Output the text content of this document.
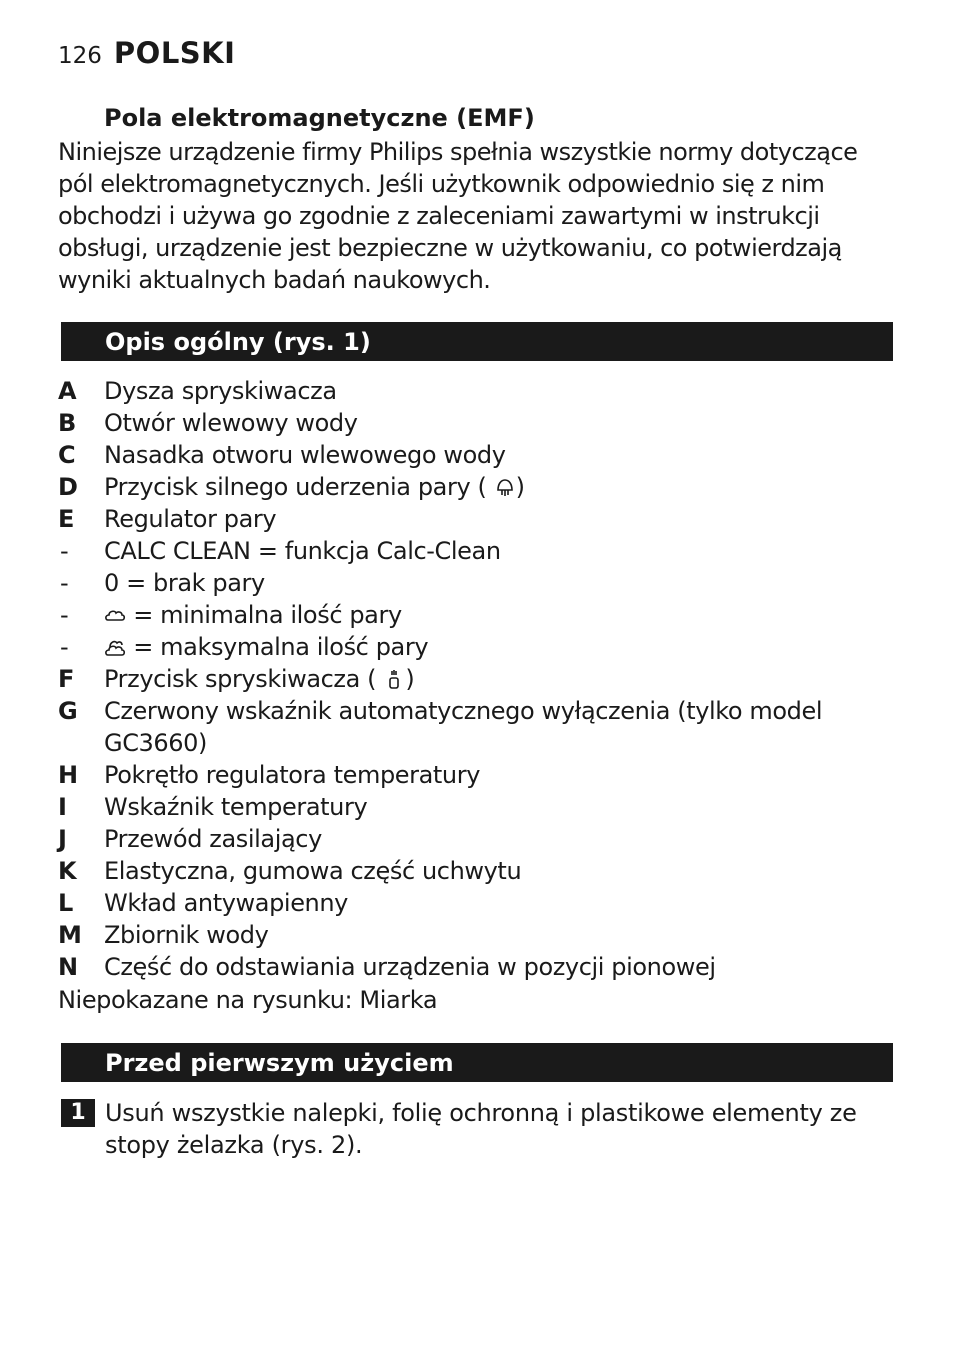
126 POLSKI
Pola elektromagnetyczne (EMF)
Niniejsze urządzenie firmy Philips spełnia wszystkie normy dotyczące pól elektromagnetycznych. Jeśli użytkownik odpowiednio się z nim obchodzi i używa go zgodnie z zaleceniami zawartymi w instrukcji obsługi, urządzenie jest bezpieczne w użytkowaniu, co potwierdzają wyniki aktualnych badań naukowych.
Opis ogólny (rys. 1)
A	Dysza spryskiwacza
B	Otwór wlewowy wody
C	Nasadka otworu wlewowego wody
D	Przycisk silnego uderzenia pary ( )
E	Regulator pary
-	CALC CLEAN = funkcja Calc-Clean
-	0 = brak pary
-	= minimalna ilość pary
-	= maksymalna ilość pary
F	Przycisk spryskiwacza ( )
G	Czerwony wskaźnik automatycznego wyłączenia (tylko model GC3660)
H	Pokrętło regulatora temperatury
I	Wskaźnik temperatury
J	Przewód zasilający
K	Elastyczna, gumowa część uchwytu
L	Wkład antywapienny
M Zbiornik wody
N	Część do odstawiania urządzenia w pozycji pionowej
Niepokazane na rysunku: Miarka
Przed pierwszym użyciem
1 Usuń wszystkie nalepki, folię ochronną i plastikowe elementy ze stopy żelazka (rys. 2).
